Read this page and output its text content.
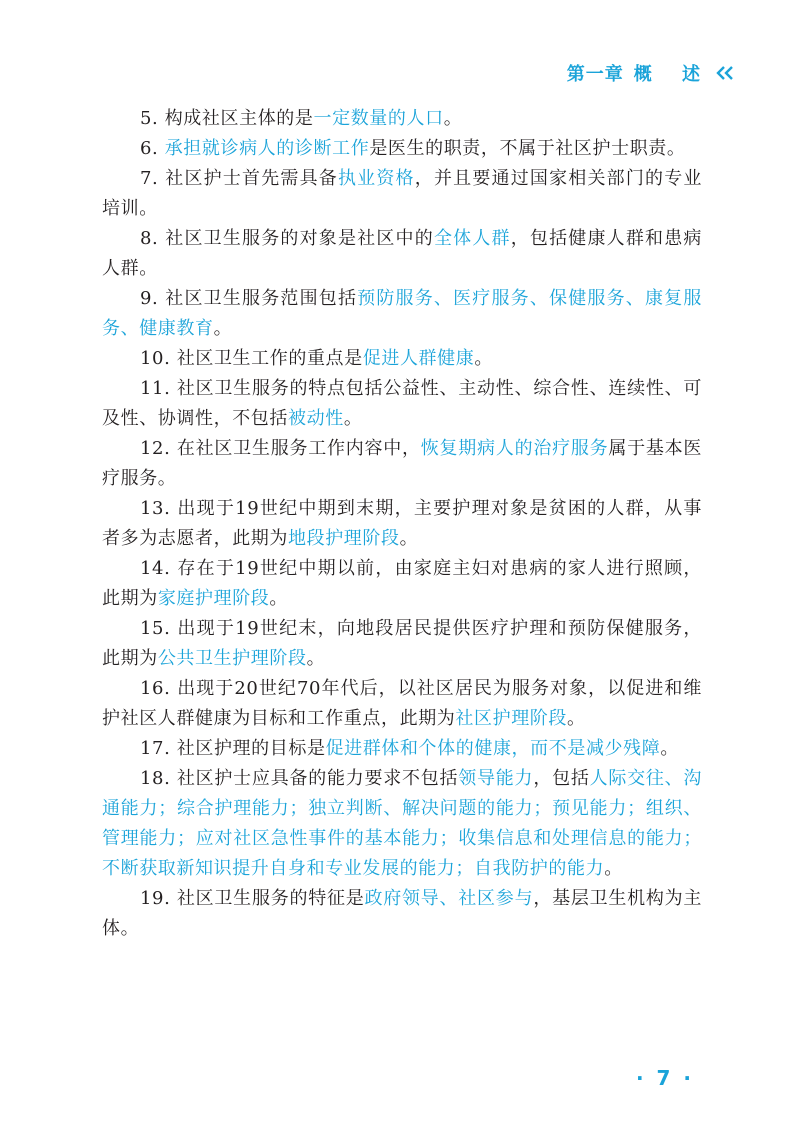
第一章 概 述

5. 构成社区主体的是一定数量的人口。

6. 承担就诊病人的诊断工作是医生的职责，不属于社区护士职责。

7. 社区护士首先需具备执业资格，并且要通过国家相关部门的专业培训。

8. 社区卫生服务的对象是社区中的全体人群，包括健康人群和患病人群。

9. 社区卫生服务范围包括预防服务、医疗服务、保健服务、康复服务、健康教育。

10. 社区卫生工作的重点是促进人群健康。

11. 社区卫生服务的特点包括公益性、主动性、综合性、连续性、可及性、协调性，不包括被动性。

12. 在社区卫生服务工作内容中，恢复期病人的治疗服务属于基本医疗服务。

13. 出现于19世纪中期到末期，主要护理对象是贫困的人群，从事者多为志愿者，此期为地段护理阶段。

14. 存在于19世纪中期以前，由家庭主妇对患病的家人进行照顾，此期为家庭护理阶段。

15. 出现于19世纪末，向地段居民提供医疗护理和预防保健服务，此期为公共卫生护理阶段。

16. 出现于20世纪70年代后，以社区居民为服务对象，以促进和维护社区人群健康为目标和工作重点，此期为社区护理阶段。

17. 社区护理的目标是促进群体和个体的健康，而不是减少残障。

18. 社区护士应具备的能力要求不包括领导能力，包括人际交往、沟通能力；综合护理能力；独立判断、解决问题的能力；预见能力；组织、管理能力；应对社区急性事件的基本能力；收集信息和处理信息的能力；不断获取新知识提升自身和专业发展的能力；自我防护的能力。

19. 社区卫生服务的特征是政府领导、社区参与，基层卫生机构为主体。

· 7 ·
